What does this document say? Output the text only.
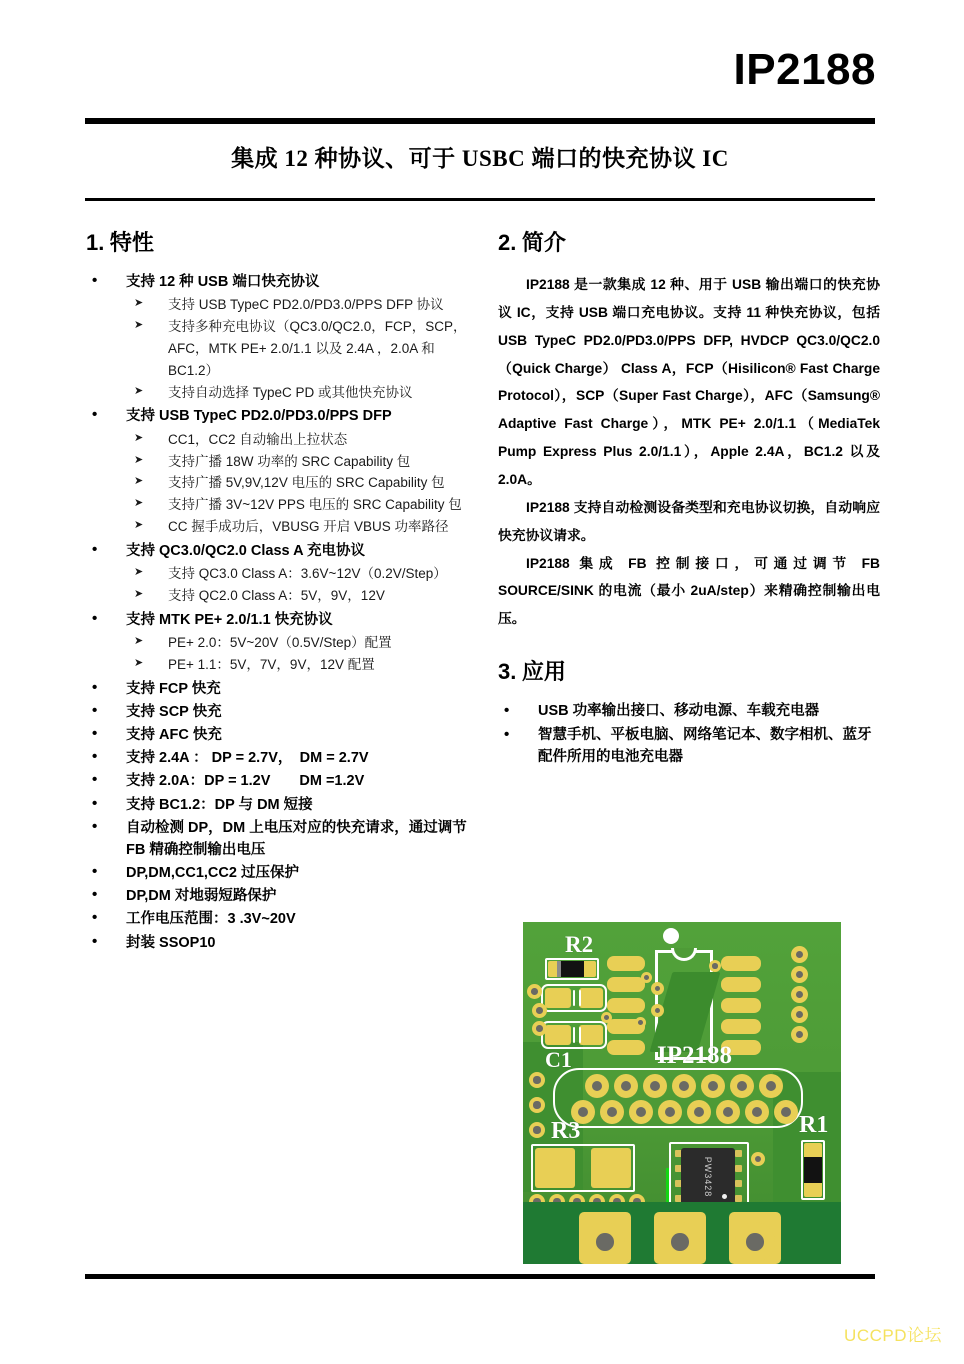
IP2188
集成 12 种协议、可于 USBC 端口的快充协议 IC
1. 特性
• 支持 12 种 USB 端口快充协议
➤ 支持 USB TypeC PD2.0/PD3.0/PPS DFP 协议
➤ 支持多种充电协议（QC3.0/QC2.0，FCP，SCP，AFC，MTK PE+ 2.0/1.1 以及 2.4A ，2.0A 和 BC1.2）
➤ 支持自动选择 TypeC PD 或其他快充协议
• 支持 USB TypeC PD2.0/PD3.0/PPS DFP
➤ CC1，CC2 自动输出上拉状态
➤ 支持广播 18W 功率的 SRC Capability 包
➤ 支持广播 5V,9V,12V 电压的 SRC Capability 包
➤ 支持广播 3V~12V PPS 电压的 SRC Capability 包
➤ CC 握手成功后，VBUSG 开启 VBUS 功率路径
• 支持 QC3.0/QC2.0 Class A 充电协议
➤ 支持 QC3.0 Class A：3.6V~12V（0.2V/Step）
➤ 支持 QC2.0 Class A：5V，9V，12V
• 支持 MTK PE+ 2.0/1.1 快充协议
➤ PE+ 2.0：5V~20V（0.5V/Step）配置
➤ PE+ 1.1：5V，7V，9V，12V 配置
• 支持 FCP 快充
• 支持 SCP 快充
• 支持 AFC 快充
• 支持 2.4A ： DP = 2.7V，　DM = 2.7V
• 支持 2.0A：DP = 1.2V　　DM =1.2V
• 支持 BC1.2：DP 与 DM 短接
• 自动检测 DP，DM 上电压对应的快充请求，通过调节 FB 精确控制输出电压
• DP,DM,CC1,CC2 过压保护
• DP,DM 对地弱短路保护
• 工作电压范围：3 .3V~20V
• 封装 SSOP10
2. 简介

IP2188 是一款集成 12 种、用于 USB 输出端口的快充协议 IC，支持 USB 端口充电协议。支持 11 种快充协议，包括 USB TypeC PD2.0/PD3.0/PPS DFP, HVDCP QC3.0/QC2.0（Quick Charge） Class A，FCP（Hisilicon® Fast Charge Protocol），SCP（Super Fast Charge），AFC（Samsung® Adaptive Fast Charge），MTK PE+ 2.0/1.1（MediaTek Pump Express Plus 2.0/1.1），Apple 2.4A，BC1.2 以及 2.0A。

IP2188 支持自动检测设备类型和充电协议切换，自动响应快充协议请求。

IP2188 集成 FB 控制接口，可通过调节 FB SOURCE/SINK 的电流（最小 2uA/step）来精确控制输出电压。

3. 应用
• USB 功率输出接口、移动电源、车载充电器
• 智慧手机、平板电脑、网络笔记本、数字相机、蓝牙配件所用的电池充电器
R2
C1	IP2188
R3
PW3428
R1
UCCPD论坛
